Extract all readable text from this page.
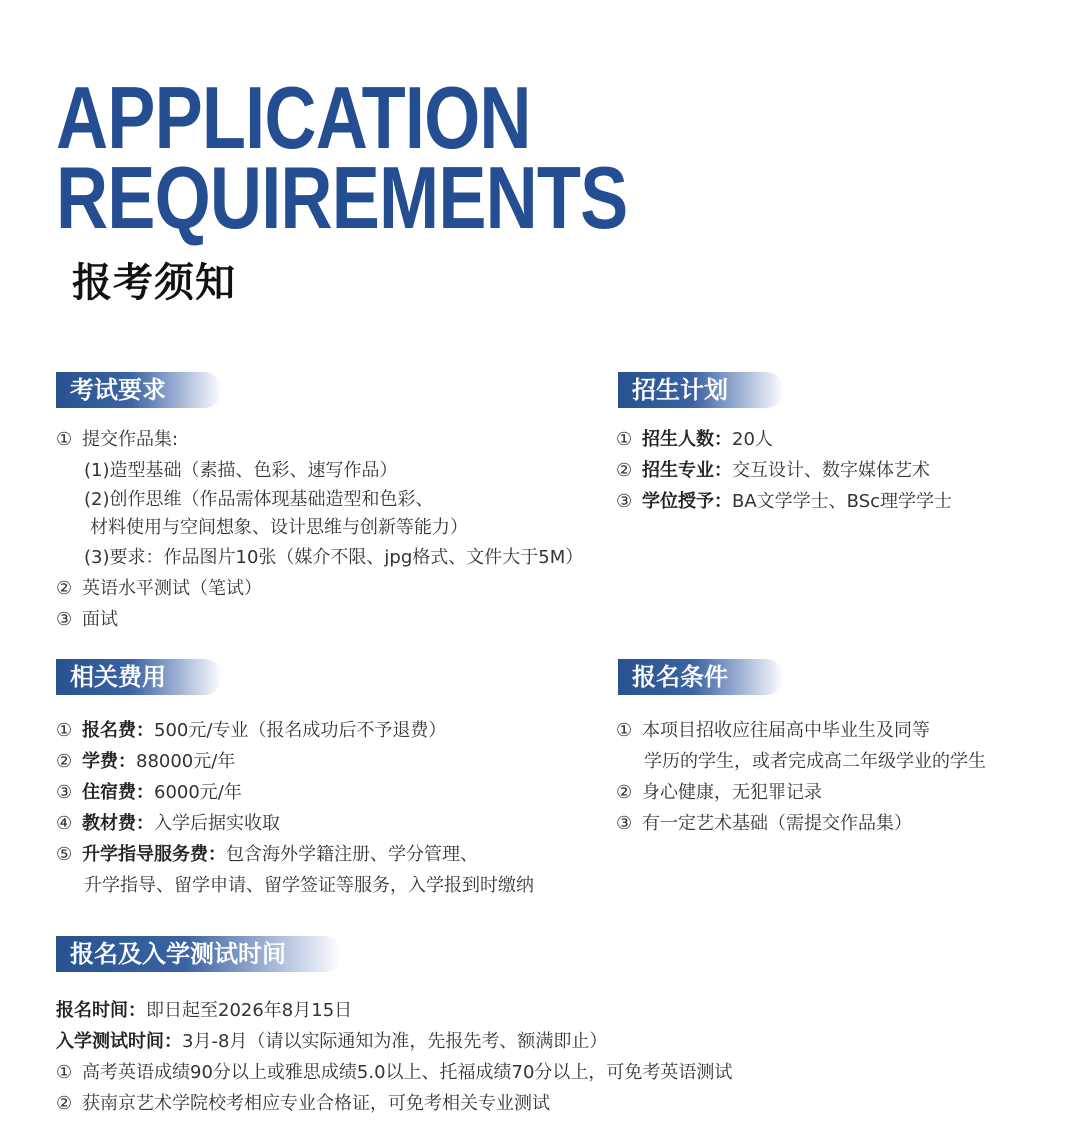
APPLICATION
REQUIREMENTS
报考须知
考试要求
① 提交作品集:
(1)造型基础（素描、色彩、速写作品）
(2)创作思维（作品需体现基础造型和色彩、
材料使用与空间想象、设计思维与创新等能力）
(3)要求：作品图片10张（媒介不限、jpg格式、文件大于5M）
② 英语水平测试（笔试）
③ 面试
招生计划
① 招生人数：20人
② 招生专业：交互设计、数字媒体艺术
③ 学位授予：BA文学学士、BSc理学学士
相关费用
① 报名费：500元/专业（报名成功后不予退费）
② 学费：88000元/年
③ 住宿费：6000元/年
④ 教材费：入学后据实收取
⑤ 升学指导服务费：包含海外学籍注册、学分管理、
升学指导、留学申请、留学签证等服务，入学报到时缴纳
报名条件
① 本项目招收应往届高中毕业生及同等
学历的学生，或者完成高二年级学业的学生
② 身心健康，无犯罪记录
③ 有一定艺术基础（需提交作品集）
报名及入学测试时间
报名时间：即日起至2026年8月15日
入学测试时间：3月-8月（请以实际通知为准，先报先考、额满即止）
① 高考英语成绩90分以上或雅思成绩5.0以上、托福成绩70分以上，可免考英语测试
② 获南京艺术学院校考相应专业合格证，可免考相关专业测试
